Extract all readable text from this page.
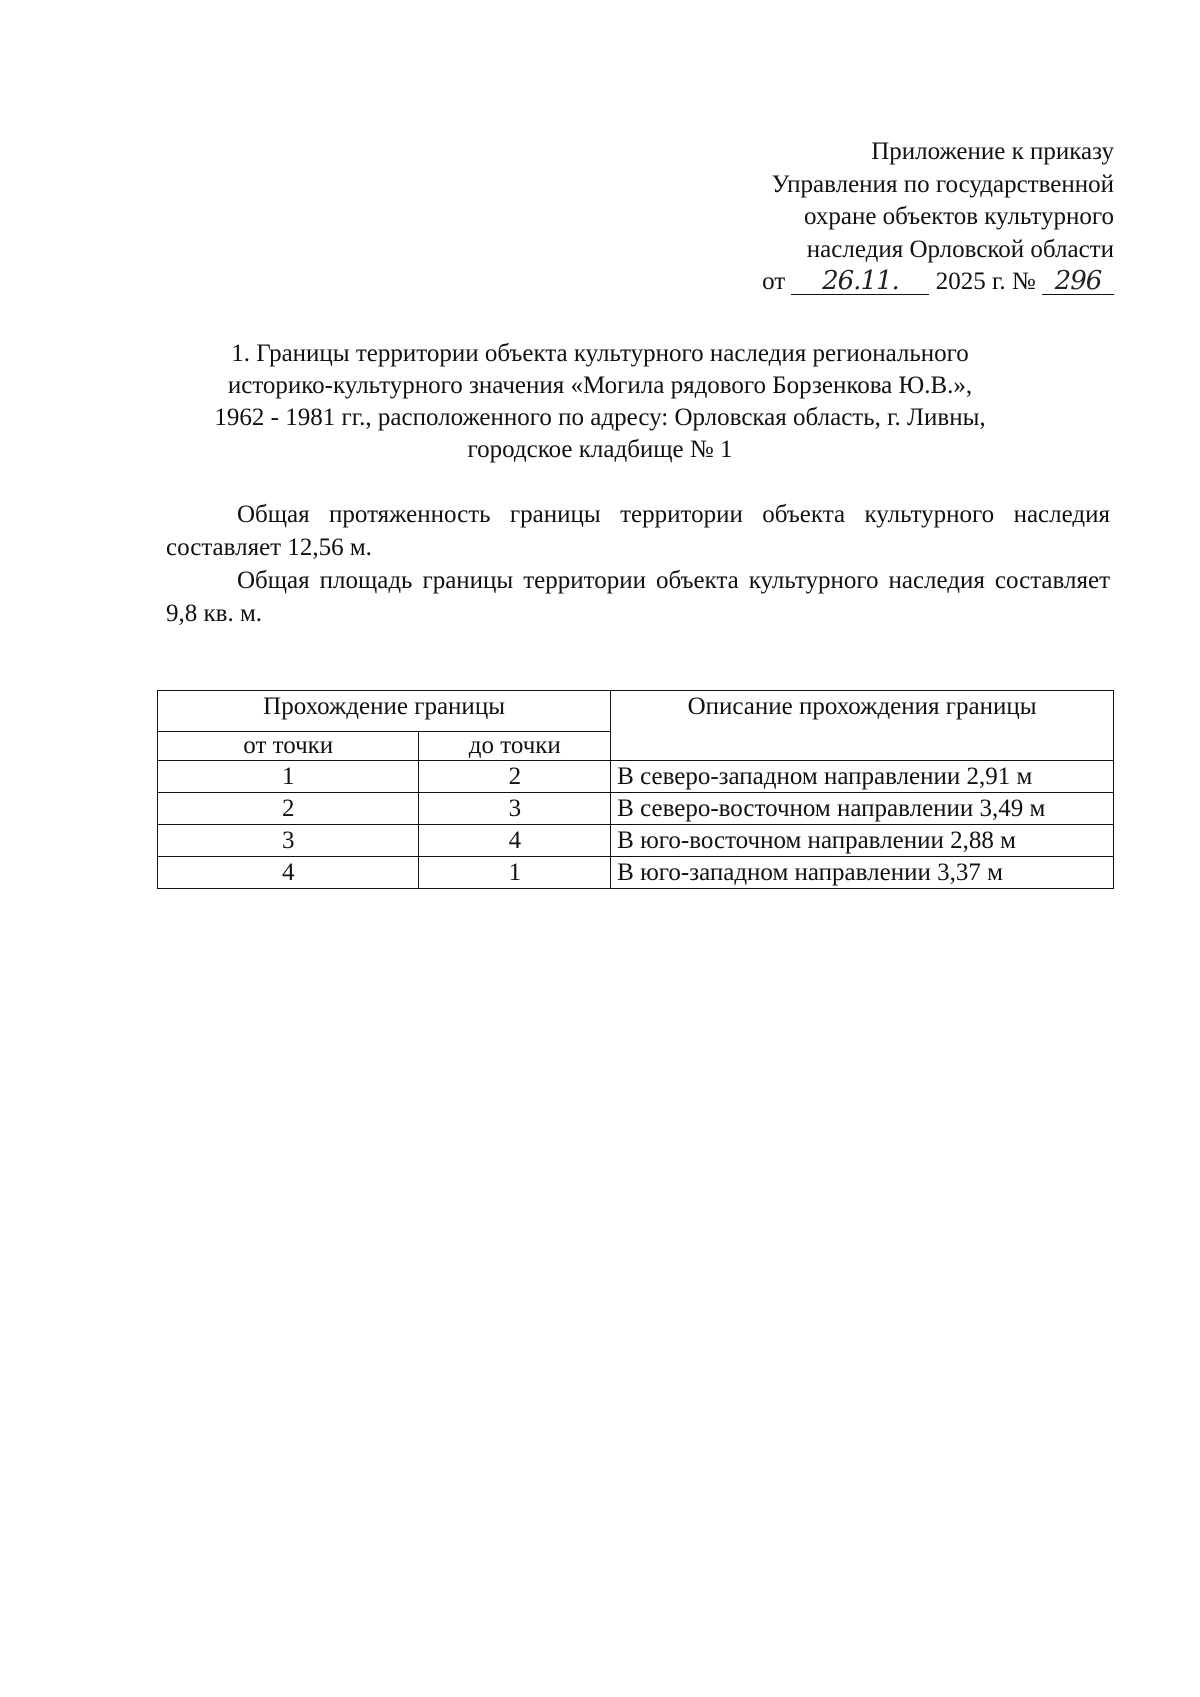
Приложение к приказу
Управления по государственной
охране объектов культурного
наследия Орловской области
от 26.11. 2025 г. № 296
1. Границы территории объекта культурного наследия регионального
историко-культурного значения «Могила рядового Борзенкова Ю.В.»,
1962 - 1981 гг., расположенного по адресу: Орловская область, г. Ливны,
городское кладбище № 1
Общая протяженность границы территории объекта культурного наследия составляет 12,56 м.
Общая площадь границы территории объекта культурного наследия составляет 9,8 кв. м.
Прохождение границы		Описание прохождения границы
от точки	до точки	
1	2	В северо-западном направлении 2,91 м
2	3	В северо-восточном направлении 3,49 м
3	4	В юго-восточном направлении 2,88 м
4	1	В юго-западном направлении 3,37 м
